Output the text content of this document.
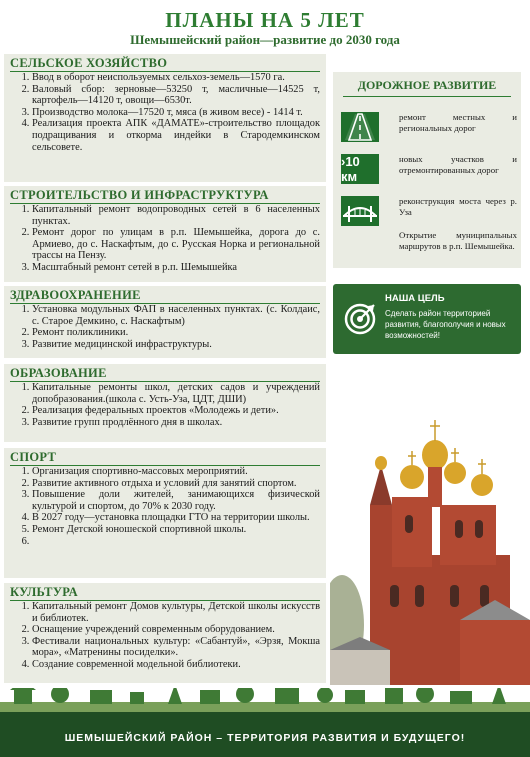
ПЛАНЫ НА 5 ЛЕТ
Шемышейский район—развитие до 2030 года
СЕЛЬСКОЕ ХОЗЯЙСТВО
1. Ввод в оборот неиспользуемых сельхоз-земель—1570 га.
2. Валовый сбор: зерновые—53250 т, масличные—14525 т, картофель—14120 т, овощи—6530т.
3. Производство молока—17520 т, мяса (в живом весе) - 1414 т.
4. Реализация проекта АПК «ДАМАТЕ»-строительство площадок подращивания и откорма индейки в Стародемкинском сельсовете.
СТРОИТЕЛЬСТВО И ИНФРАСТРУКТУРА
1. Капитальный ремонт водопроводных сетей в 6 населенных пунктах.
2. Ремонт дорог по улицам в р.п. Шемышейка, дорога до с. Армиево, до с. Наскафтым, до с. Русская Норка и региональной трассы на Пензу.
3. Масштабный ремонт сетей в р.п. Шемышейка
ЗДРАВООХРАНЕНИЕ
1. Установка модульных ФАП в населенных пунктах. (с. Колдаис, с. Старое Демкино, с. Наскафтым)
2. Ремонт поликлиники.
3. Развитие медицинской инфраструктуры.
ОБРАЗОВАНИЕ
1. Капитальные ремонты школ, детских садов и учреждений допобразования.(школа с. Усть-Уза, ЦДТ, ДШИ)
2. Реализация федеральных проектов «Молодежь и дети».
3. Развитие групп продлённого дня в школах.
СПОРТ
1. Организация спортивно-массовых мероприятий.
2. Развитие активного отдыха и условий для занятий спортом.
3. Повышение доли жителей, занимающихся физической культурой и спортом, до 70% к 2030 году.
4. В 2027 году—установка площадки ГТО на территории школы.
5. Ремонт Детской юношеской спортивной школы.
6.
КУЛЬТУРА
1. Капитальный ремонт Домов культуры, Детской школы искусств и библиотек.
2. Оснащение учреждений современным оборудованием.
3. Фестивали национальных культур: «Сабантуй», «Эрзя, Мокша мора», «Матренины посиделки».
4. Создание современной модельной библиотеки.
ДОРОЖНОЕ РАЗВИТИЕ
ремонт местных и региональных дорог
›10 км
новых участков и отремонтированных дорог
реконструкция моста через р. Уза
Открытие муниципальных маршрутов в р.п. Шемышейка.
НАША ЦЕЛЬ
Сделать район территорией развития, благополучия и новых возможностей!
ШЕМЫШЕЙСКИЙ РАЙОН – ТЕРРИТОРИЯ РАЗВИТИЯ И БУДУЩЕГО!
